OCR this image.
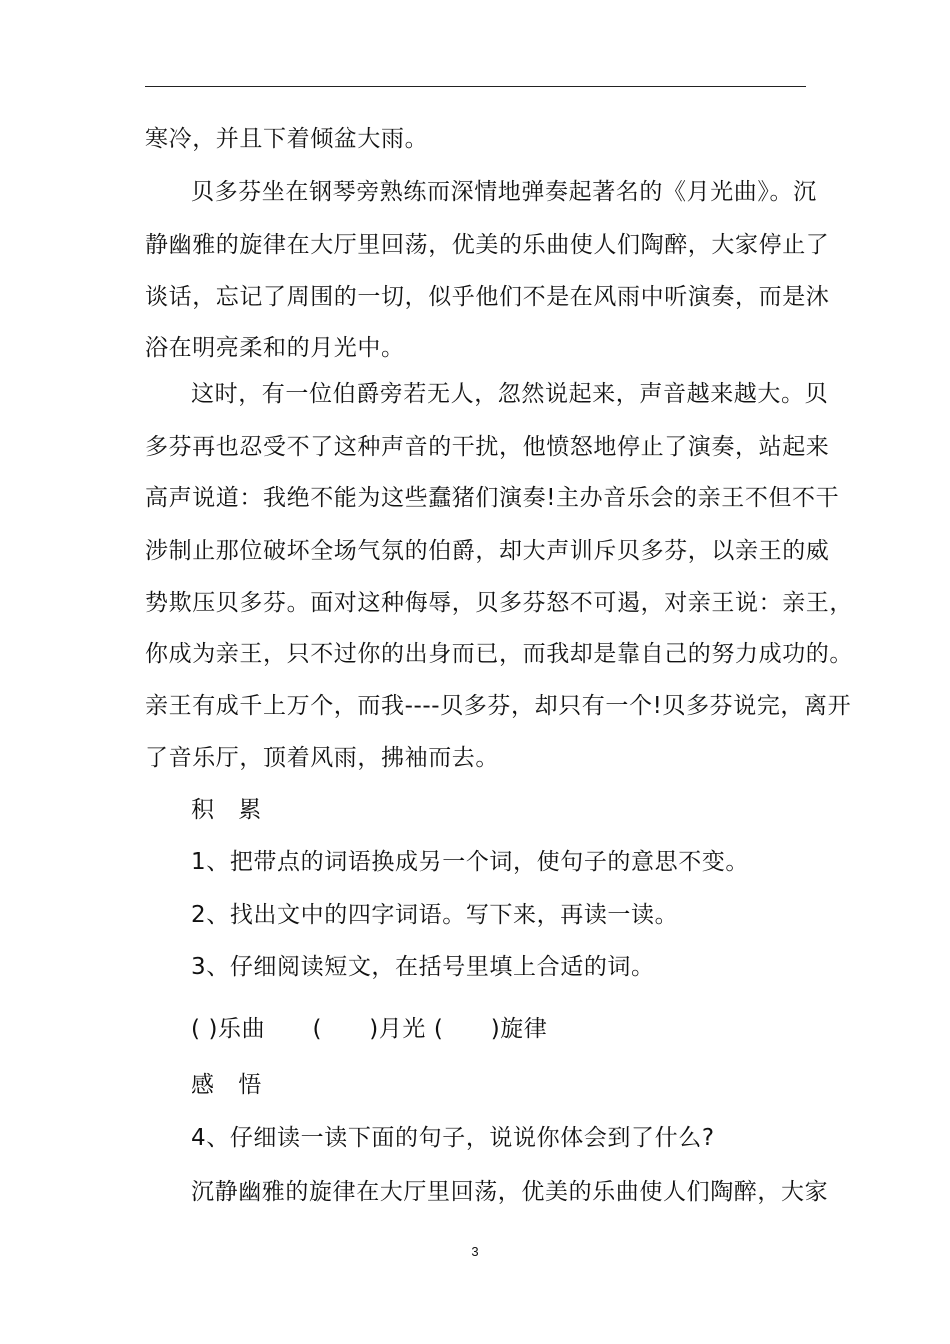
寒冷，并且下着倾盆大雨。
贝多芬坐在钢琴旁熟练而深情地弹奏起著名的《月光曲》。沉
静幽雅的旋律在大厅里回荡，优美的乐曲使人们陶醉，大家停止了
谈话，忘记了周围的一切，似乎他们不是在风雨中听演奏，而是沐
浴在明亮柔和的月光中。
这时，有一位伯爵旁若无人，忽然说起来，声音越来越大。贝
多芬再也忍受不了这种声音的干扰，他愤怒地停止了演奏，站起来
高声说道：我绝不能为这些蠢猪们演奏!主办音乐会的亲王不但不干
涉制止那位破坏全场气氛的伯爵，却大声训斥贝多芬，以亲王的威
势欺压贝多芬。面对这种侮辱，贝多芬怒不可遏，对亲王说：亲王，
你成为亲王，只不过你的出身而已，而我却是靠自己的努力成功的。
亲王有成千上万个，而我----贝多芬，却只有一个!贝多芬说完，离开
了音乐厅，顶着风雨，拂袖而去。
积　累
1、把带点的词语换成另一个词，使句子的意思不变。
2、找出文中的四字词语。写下来，再读一读。
3、仔细阅读短文，在括号里填上合适的词。
( )乐曲　　(　　)月光 (　　)旋律
感　悟
4、仔细读一读下面的句子，说说你体会到了什么?
沉静幽雅的旋律在大厅里回荡，优美的乐曲使人们陶醉，大家
3
